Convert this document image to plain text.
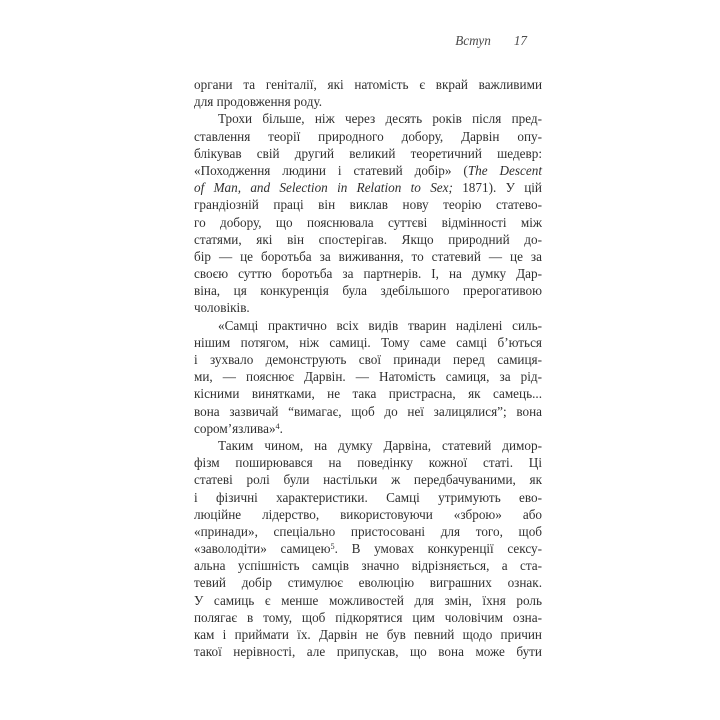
Вступ 17
органи та геніталії, які натомість є вкрай важливими
для продовження роду.
Трохи більше, ніж через десять років після пред-
ставлення теорії природного добору, Дарвін опу-
блікував свій другий великий теоретичний шедевр:
«Походження людини і статевий добір» (The Descent
of Man, and Selection in Relation to Sex; 1871). У цій
грандіозній праці він виклав нову теорію статево-
го добору, що пояснювала суттєві відмінності між
статями, які він спостерігав. Якщо природний до-
бір — це боротьба за виживання, то статевий — це за
своєю суттю боротьба за партнерів. І, на думку Дар-
віна, ця конкуренція була здебільшого прерогативою
чоловіків.
«Самці практично всіх видів тварин наділені силь-
нішим потягом, ніж самиці. Тому саме самці б’ються
і зухвало демонструють свої принади перед самиця-
ми, — пояснює Дарвін. — Натомість самиця, за рід-
кісними винятками, не така пристрасна, як самець...
вона зазвичай “вимагає, щоб до неї залицялися”; вона
сором’язлива»$^4$.
Таким чином, на думку Дарвіна, статевий димор-
фізм поширювався на поведінку кожної статі. Ці
статеві ролі були настільки ж передбачуваними, як
і фізичні характеристики. Самці утримують ево-
люційне лідерство, використовуючи «зброю» або
«принади», спеціально пристосовані для того, щоб
«заволодіти» самицею$^5$. В умовах конкуренції сексу-
альна успішність самців значно відрізняється, а ста-
тевий добір стимулює еволюцію виграшних ознак.
У самиць є менше можливостей для змін, їхня роль
полягає в тому, щоб підкорятися цим чоловічим озна-
кам і приймати їх. Дарвін не був певний щодо причин
такої нерівності, але припускав, що вона може бути
